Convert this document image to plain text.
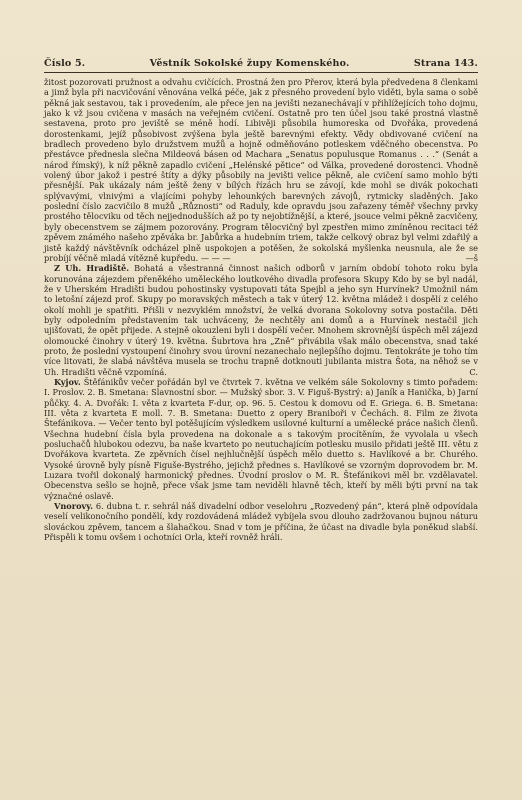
Číslo 5.	Věstník Sokolské župy Komenského.	Strana 143.

žitost pozorovati pružnost a odvahu cvičících. Prostná žen pro Přerov, která byla předvedena 8 členkami a jimž byla při nacvičování věnována velká péče, jak z přesného provedení bylo viděti, byla sama o sobě pěkná jak sestavou, tak i provedením, ale přece jen na jevišti nezanechávají v přihlížejících toho dojmu, jako k vž jsou cvičena v masách na veřejném cvičení. Ostatně pro ten účel jsou také prostná vlastně sestavena, proto pro jeviště se méně hodí. Libivěji působila humoreska od Dvořáka, provedená dorostenkami, jejíž působivost zvýšena byla ještě barevnými efekty. Vědy obdivované cvičení na bradlech provedeno bylo družstvem mužů a hojně odměňováno potleskem vděčného obecenstva. Po přestávce přednesla slečna Mildeová básen od Machara „Senatus populusque Romanus . . .“ (Senát a národ římský), k níž pěkně zapadlo cvičení „Helénské pětice“ od Válka, provedené dorostenci. Vhodně volený úbor jakož i pestré štíty a dýky působily na jevišti velice pěkně, ale cvičení samo mohlo býti přesnější. Pak ukázaly nám ještě ženy v bílých řízách hru se závojí, kde mohl se divák pokochati splývavými, vlnivými a vlajícími pohyby lehounkých barevných závojů, rytmicky sladěných. Jako poslední číslo zacvičilo 8 mužů „Různosti“ od Raduly, kde opravdu jsou zařazeny téměř všechny prvky prostého tělocviku od těch nejjednodušších až po ty nejobtížnější, a které, jsouce velmi pěkně zacvičeny, byly obecenstvem se zájmem pozorovány. Program tělocvičný byl zpestřen mimo zmíněnou recitaci též zpěvem známého našeho zpěváka br. Jabůrka a hudebním triem, takže celkový obraz byl velmi zdařilý a jistě každý návštěvník odcházel plně uspokojen a potěšen, že sokolská myšlenka neusnula, ale že se probíjí věčně mladá vítězně kupředu. — — —	—š

Z Uh. Hradiště. Bohatá a všestranná činnost našich odborů v jarním období tohoto roku byla korunována zájezdem přeněkého uměleckého loutkového divadla profesora Skupy Kdo by se byl nadál, že v Uherském Hradišti budou pohostinsky vystupovati táta Spejbl a jeho syn Hurvínek? Umožnil nám to letošní zájezd prof. Skupy po moravských městech a tak v úterý 12. května mládež i dospělí z celého okolí mohli je spatřiti. Přišli v nezvyklém množství, že velká dvorana Sokolovny sotva postačila. Děti byly odpoledním představením tak uchváceny, že nechtěly ani domů a a Hurvínek nestačil jich ujišťovati, že opět přijede. A stejně okouzleni byli i dospělí večer. Mnohem skrovnější úspěch měl zájezd olomoucké činohry v úterý 19. května. Šubrtova hra „Zně“ přivábila však málo obecenstva, snad také proto, že poslední vystoupení činohry svou úrovní nezanechalo nejlepšího dojmu. Tentokráte je toho tím více litovati, že slabá návštěva musela se trochu trapně dotknouti jubilanta mistra Šota, na něhož se v Uh. Hradišti věčně vzpomíná.	C.

Kyjov. Štěfánikův večer pořádán byl ve čtvrtek 7. května ve velkém sále Sokolovny s timto pořadem: I. Proslov. 2. B. Smetana: Slavnostní sbor. — Mužský sbor. 3. V. Figuš-Bystrý: a) Janík a Hanička, b) Jarní půčky. 4. A. Dvořák: I. věta z kvarteta F-dur, op. 96. 5. Cestou k domovu od E. Griega. 6. B. Smetana: III. věta z kvarteta E moll. 7. B. Smetana: Duetto z opery Braniboři v Čechách. 8. Film ze života Štefánikova. — Večer tento byl potěšujícím výsledkem usilovné kulturní a umělecké práce našich členů. Všechna hudební čísla byla provedena na dokonale a s takovým procítěním, že vyvolala u všech posluchačů hlubokou odezvu, ba naše kvarteto po neutuchajícím potlesku musilo přidati ještě III. větu z Dvořákova kvarteta. Ze zpěvních čísel nejhlučnější úspěch mělo duetto s. Havlíkové a br. Churého. Vysoké úrovně byly písně Figuše-Bystrého, jejichž přednes s. Havlíkové se vzorným doprovodem br. M. Luzara tvořil dokonalý harmonický přednes. Úvodní proslov o M. R. Štefánikovi měl br. vzdělavatel. Obecenstva sešlo se hojně, přece však jsme tam neviděli hlavně těch, kteří by měli býti první na tak význačné oslavě.

Vnorovy. 6. dubna t. r. sehrál náš divadelní odbor veselohru „Rozvedený pán“, která plně odpovídala veselí velikonočního pondělí, kdy rozdovádená mládež vybíjela svou dlouho zadržovanou bujnou náturu slováckou zpěvem, tancem a šlahačkou. Snad v tom je příčina, že účast na divadle byla poněkud slabší. Přispěli k tomu ovšem i ochotníci Orla, kteří rovněž hráli.
